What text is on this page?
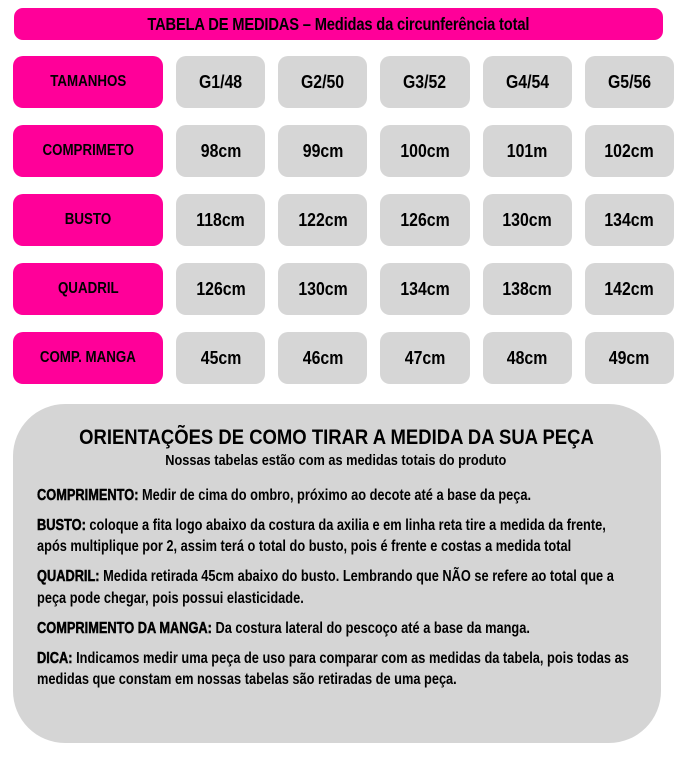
TABELA DE MEDIDAS – Medidas da circunferência total
TAMANHOS	G1/48	G2/50	G3/52	G4/54	G5/56
COMPRIMETO	98cm	99cm	100cm	101m	102cm
BUSTO	118cm	122cm	126cm	130cm	134cm
QUADRIL	126cm	130cm	134cm	138cm	142cm
COMP. MANGA	45cm	46cm	47cm	48cm	49cm
ORIENTAÇÕES DE COMO TIRAR A MEDIDA DA SUA PEÇA
Nossas tabelas estão com as medidas totais do produto

COMPRIMENTO: Medir de cima do ombro, próximo ao decote até a base da peça.

BUSTO: coloque a fita logo abaixo da costura da axilia e em linha reta tire a medida da frente, após multiplique por 2, assim terá o total do busto, pois é frente e costas a medida total

QUADRIL: Medida retirada 45cm abaixo do busto. Lembrando que NÃO se refere ao total que a peça pode chegar, pois possui elasticidade.

COMPRIMENTO DA MANGA: Da costura lateral do pescoço até a base da manga.

DICA: Indicamos medir uma peça de uso para comparar com as medidas da tabela, pois todas as medidas que constam em nossas tabelas são retiradas de uma peça.
